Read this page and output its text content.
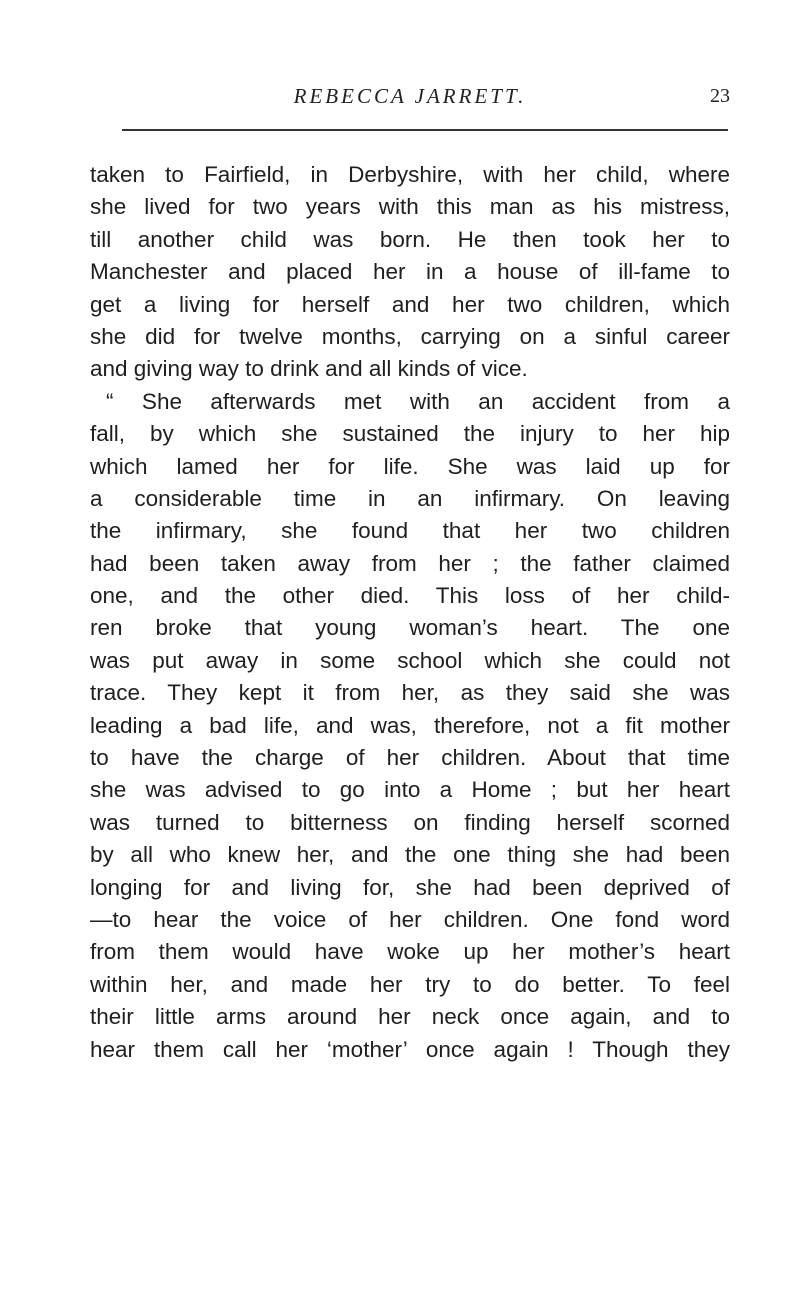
REBECCA JARRETT.	23
taken to Fairfield, in Derbyshire, with her child, where
she lived for two years with this man as his mistress,
till another child was born. He then took her to
Manchester and placed her in a house of ill-fame to
get a living for herself and her two children, which
she did for twelve months, carrying on a sinful career
and giving way to drink and all kinds of vice.
“ She afterwards met with an accident from a
fall, by which she sustained the injury to her hip
which lamed her for life. She was laid up for
a considerable time in an infirmary. On leaving
the infirmary, she found that her two children
had been taken away from her ; the father claimed
one, and the other died. This loss of her child-
ren broke that young woman’s heart. The one
was put away in some school which she could not
trace. They kept it from her, as they said she was
leading a bad life, and was, therefore, not a fit mother
to have the charge of her children. About that time
she was advised to go into a Home ; but her heart
was turned to bitterness on finding herself scorned
by all who knew her, and the one thing she had been
longing for and living for, she had been deprived of
—to hear the voice of her children. One fond word
from them would have woke up her mother’s heart
within her, and made her try to do better. To feel
their little arms around her neck once again, and to
hear them call her ‘mother’ once again ! Though they
